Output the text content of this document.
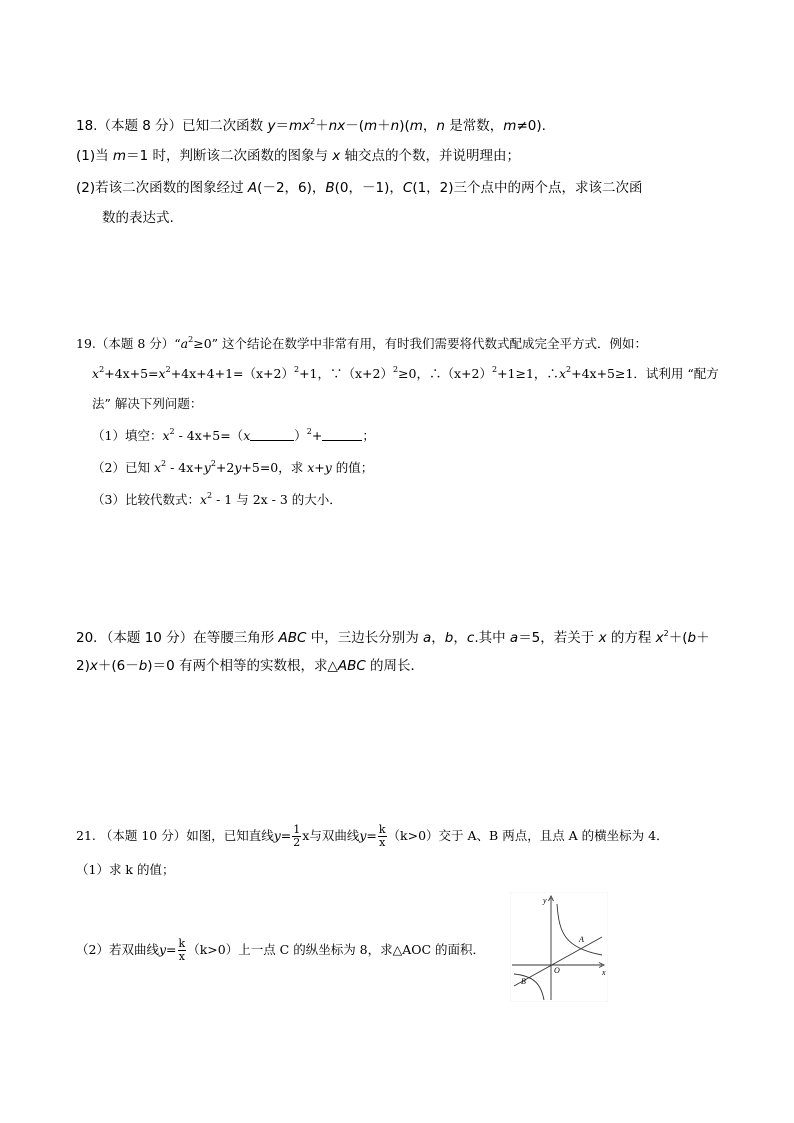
18.（本题 8 分）已知二次函数 $y=mx^2+nx-(m+n)(m$，n 是常数，m≠0).
(1)当 m＝1 时，判断该二次函数的图象与 x 轴交点的个数，并说明理由；
(2)若该二次函数的图象经过 A(－2，6)，B(0，－1)，C(1，2)三个点中的两个点，求该二次函
数的表达式.
19.（本题 8 分）“$a^2\ge 0$” 这个结论在数学中非常有用，有时我们需要将代数式配成完全平方式．例如：
$x^2+4x+5=x^2+4x+4+1=(x+2)^2+1$，$\because(x+2)^2\ge 0$，$\therefore(x+2)^2+1\ge 1$，$\therefore x^2+4x+5\ge 1$．试利用 “配方
法” 解决下列问题：
（1）填空：$x^2 - 4x+5=(x$	）$^2$+	；
（2）已知 $x^2 - 4x+y^2+2y+5=0$，求 x+y 的值；
（3）比较代数式：$x^2 - 1$ 与 2x - 3 的大小．
20．（本题 10 分）在等腰三角形 ABC 中，三边长分别为 a，b，c.其中 a＝5，若关于 x 的方程 $x^2+(b+$
2)x＋(6－b)＝0 有两个相等的实数根，求△ABC 的周长．
21. （本题 10 分）如图，已知直线$y= \frac{1}{2}$ x与双曲线$y= \frac{k}{x} (k>0)$交于 A、B 两点，且点 A 的横坐标为 4．
（1）求 k 的值；
（2）若双曲线$y= \frac{k}{x} (k>0)$上一点 C 的纵坐标为 8，求△AOC 的面积．
y
x
O
A
B
